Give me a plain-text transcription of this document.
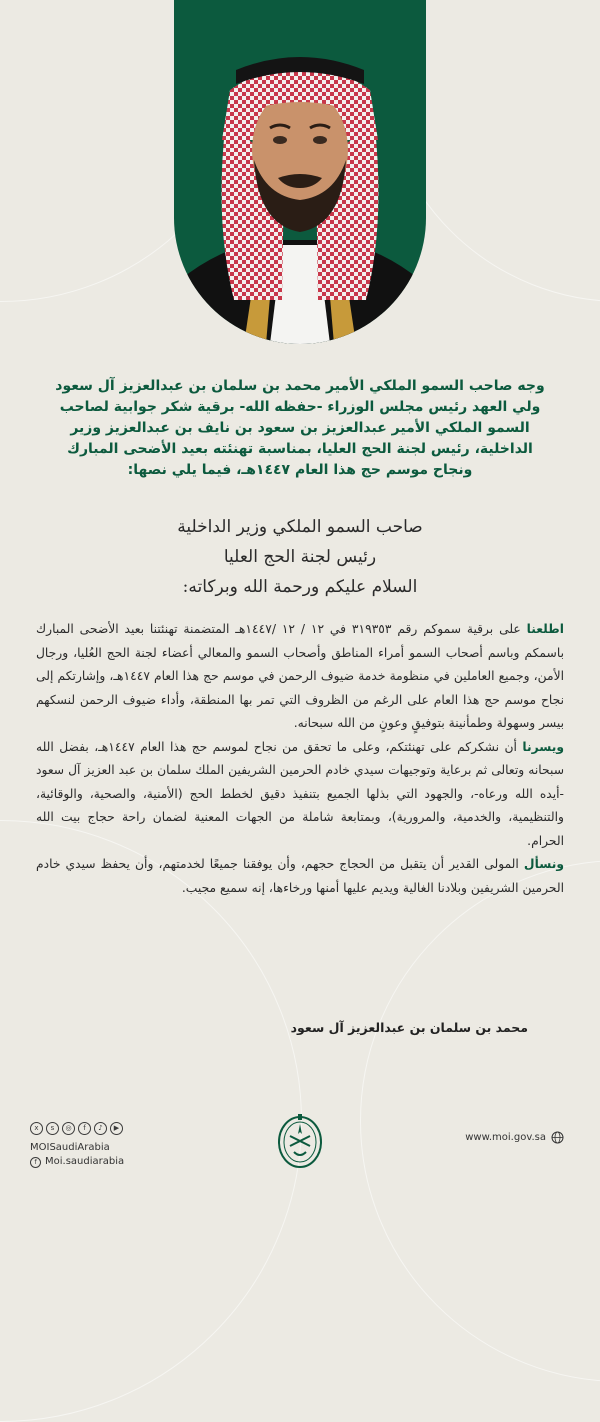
وجه صاحب السمو الملكي الأمير محمد بن سلمان بن عبدالعزيز آل سعود

ولي العهد رئيس مجلس الوزراء -حفظه الله- برقية شكر جوابية لصاحب

السمو الملكي الأمير عبدالعزيز بن سعود بن نايف بن عبدالعزيز وزير

الداخلية، رئيس لجنة الحج العليا، بمناسبة تهنئته بعيد الأضحى المبارك

ونجاح موسم حج هذا العام ١٤٤٧هـ، فيما يلي نصها:

صاحب السمو الملكي وزير الداخلية

رئيس لجنة الحج العليا

السلام عليكم ورحمة الله وبركاته:

اطلعنا على برقية سموكم رقم ٣١٩٣٥٣ في ١٢ / ١٢ /١٤٤٧هـ المتضمنة تهنئتنا بعيد الأضحى المبارك باسمكم وباسم أصحاب السمو أمراء المناطق وأصحاب السمو والمعالي أعضاء لجنة الحج العُليا، ورجال الأمن، وجميع العاملين في منظومة خدمة ضيوف الرحمن في موسم حج هذا العام ١٤٤٧هـ، وإشارتكم إلى نجاح موسم حج هذا العام على الرغم من الظروف التي تمر بها المنطقة، وأداء ضيوف الرحمن لنسكهم بيسر وسهولة وطمأنينة بتوفيقٍ وعونٍ من الله سبحانه.

ويسرنا أن نشكركم على تهنئتكم، وعلى ما تحقق من نجاح لموسم حج هذا العام ١٤٤٧هـ، بفضل الله سبحانه وتعالى ثم برعاية وتوجيهات سيدي خادم الحرمين الشريفين الملك سلمان بن عبد العزيز آل سعود -أيده الله ورعاه-، والجهود التي بذلها الجميع بتنفيذ دقيق لخطط الحج (الأمنية، والصحية، والوقائية، والتنظيمية، والخدمية، والمرورية)، وبمتابعة شاملة من الجهات المعنية لضمان راحة حجاج بيت الله الحرام.

ونسأل المولى القدير أن يتقبل من الحجاج حجهم، وأن يوفقنا جميعًا لخدمتهم، وأن يحفظ سيدي خادم الحرمين الشريفين وبلادنا الغالية ويديم عليها أمنها ورخاءها، إنه سميع مجيب.

محمد بن سلمان بن عبدالعزيز آل سعود
x	s	◎	f	♪	▶
MOISaudiArabia
f Moi.saudiarabia
www.moi.gov.sa
